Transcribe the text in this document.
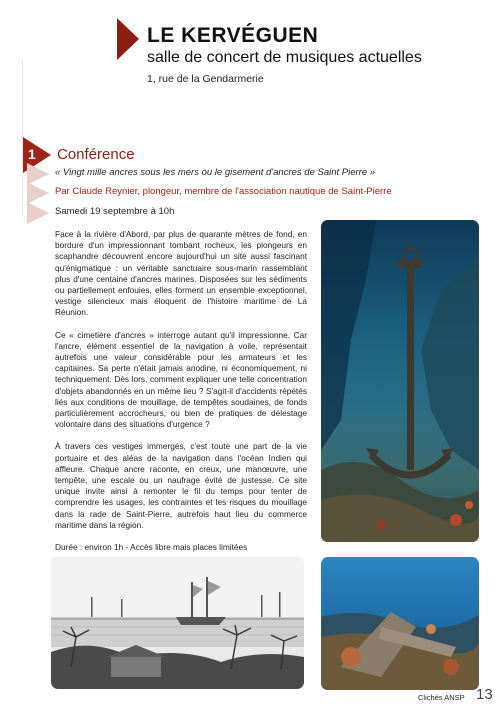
LE KERVÉGUEN
salle de concert de musiques actuelles
1, rue de la Gendarmerie
1 Conférence
« Vingt mille ancres sous les mers ou le gisement d'ancres de Saint Pierre »
Par Claude Reynier, plongeur, membre de l'association nautique de Saint-Pierre
Samedi 19 septembre à 10h

Face à la rivière d'Abord, par plus de quarante mètres de fond, en bordure d'un impressionnant tombant rocheux, les plongeurs en scaphandre découvrent encore aujourd'hui un site aussi fascinant qu'énigmatique : un véritable sanctuaire sous-marin rassemblant plus d'une centaine d'ancres marines. Disposées sur les sédiments ou partiellement enfouies, elles forment un ensemble exceptionnel, vestige silencieux mais éloquent de l'histoire maritime de La Réunion.

Ce « cimetière d'ancres » interroge autant qu'il impressionne. Car l'ancre, élément essentiel de la navigation à voile, représentait autrefois une valeur considérable pour les armateurs et les capitaines. Sa perte n'était jamais anodine, ni économiquement, ni techniquement. Dès lors, comment expliquer une telle concentration d'objets abandonnés en un même lieu ? S'agit-il d'accidents répétés liés aux conditions de mouillage, de tempêtes soudaines, de fonds particulièrement accrocheurs, ou bien de pratiques de délestage volontaire dans des situations d'urgence ?

À travers ces vestiges immergés, c'est toute une part de la vie portuaire et des aléas de la navigation dans l'océan Indien qui affleure. Chaque ancre raconte, en creux, une manœuvre, une tempête, une escale ou un naufrage évité de justesse. Ce site unique invite ainsi à remonter le fil du temps pour tenter de comprendre les usages, les contraintes et les risques du mouillage dans la rade de Saint-Pierre, autrefois haut lieu du commerce maritime dans la région.

Durée : environ 1h - Accès libre mais places limitées

Clichés ANSP 13
